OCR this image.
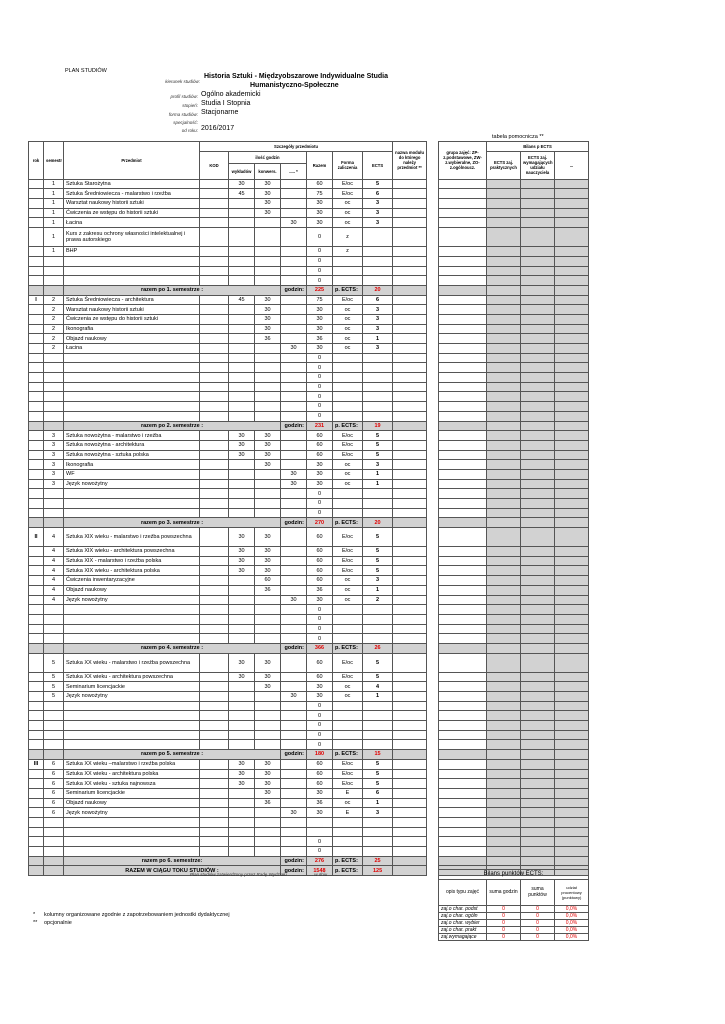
PLAN STUDIÓW
kierunek studiów:
Historia Sztuki - Międzyobszarowe Indywidualne Studia
Humanistyczno-Społeczne
profil studiów: Ogólno akademicki
stopień: Studia I Stopnia
forma studiów: Stacjonarne
specjalność:
od roku: 2016/2017
tabela pomocnicza **
rok	semestr	Przedmiot	Szczegóły przedmiotu							nazwa modułu do którego należy przedmiot **
			KOD	ilość godzin			Razem	Forma zaliczenia	ECTS	
				wykładów	konwers.	..... *				
	1	Sztuka Starożytna		30	30		60	E/oc	5	
	1	Sztuka Średniowiecza - malarstwo i rzeźba		45	30		75	E/oc	6	
	1	Warsztat naukowy historii sztuki			30		30	oc	3	
	1	Ćwiczenia ze wstępu do historii sztuki			30		30	oc	3	
	1	Łacina				30	30	oc	3	
	1	Kurs z zakresu ochrony własności intelektualnej i prawa autorskiego					0	z		
	1	BHP					0	z		
							0			
							0			
							0			
		razem po 1. semestrze :				godzin:	225	p. ECTS:	20	
I	2	Sztuka Średniowiecza - architektura		45	30		75	E/oc	6	
	2	Warsztat naukowy historii sztuki			30		30	oc	3	
	2	Ćwiczenia ze wstępu do historii sztuki			30		30	oc	3	
	2	Ikonografia			30		30	oc	3	
	2	Objazd naukowy			36		36	oc	1	
	2	Łacina				30	30	oc	3	
							0			
							0			
							0			
							0			
							0			
							0			
							0			
		razem po 2. semestrze :				godzin:	231	p. ECTS:	19	
	3	Sztuka nowożytna - malarstwo i rzeźba		30	30		60	E/oc	5	
	3	Sztuka nowożytna - architektura		30	30		60	E/oc	5	
	3	Sztuka nowożytna - sztuka polska		30	30		60	E/oc	5	
	3	Ikonografia			30		30	oc	3	
	3	WF				30	30	oc	1	
	3	Język nowożytny				30	30	oc	1	
							0			
							0			
							0			
		razem po 3. semestrze :				godzin:	270	p. ECTS:	20	
II	4	Sztuka XIX wieku - malarstwo i rzeźba powszechna		30	30		60	E/oc	5	
	4	Sztuka XIX wieku - architektura powszechna		30	30		60	E/oc	5	
	4	Sztuka XIX - malarstwo i rzeźba polska		30	30		60	E/oc	5	
	4	Sztuka XIX wieku - architektura polska		30	30		60	E/oc	5	
	4	Ćwiczenia inwentaryzacyjne			60		60	oc	3	
	4	Objazd naukowy			36		36	oc	1	
	4	Język nowożytny				30	30	oc	2	
							0			
							0			
							0			
							0			
		razem po 4. semestrze :				godzin:	366	p. ECTS:	26	
	5	Sztuka XX wieku - malarstwo i rzeźba powszechna		30	30		60	E/oc	5	
	5	Sztuka XX wieku - architektura powszechna		30	30		60	E/oc	5	
	5	Seminarium licencjackie			30		30	oc	4	
	5	Język nowożytny				30	30	oc	1	
							0			
							0			
							0			
							0			
							0			
		razem po 5. semestrze :				godzin:	180	p. ECTS:	15	
III	6	Sztuka XX wieku –malarstwo i rzeźba polska		30	30		60	E/oc	5	
	6	Sztuka XX wieku - architektura polska		30	30		60	E/oc	5	
	6	Sztuka XX wieku - sztuka najnowsza		30	30		60	E/oc	5	
	6	Seminarium licencjackie			30		30	E	6	
	6	Objazd naukowy			36		36	oc	1	
	6	Język nowożytny				30	30	E	3	

							0			
							0			
		razem po 6. semestrze:				godzin:	276	p. ECTS:	25	
		RAZEM W CIĄGU TOKU STUDIÓW :				godzin:	1548	p. ECTS:	125	
grupa zajęć: ZP- z.podstawowe, ZW- z.wybieralne, ZO- z.ogólnoucz.	Bilans p ECTS		
	ECTS zaj. praktycznych	ECTS zaj. wymagających udziału nauczyciela	...

Plan studiów zatwierdzony przez Radę Wydziału .................... w dniu ..............
* kolumny organizowane zgodnie z zapotrzebowaniem jednostki dydaktycznej
** opcjonalnie
Bilans punktów ECTS:			
opis typu zajęć	suma godzin	suma punktów	udział procentowy (punktowy)
zaj.o char. podst	0	0	0,0%
zaj.o char. ogóln	0	0	0,0%
zaj.o char. wybier	0	0	0,0%
zaj.o char. prakt	0	0	0,0%
zaj.wymagające	0	0	0,0%
